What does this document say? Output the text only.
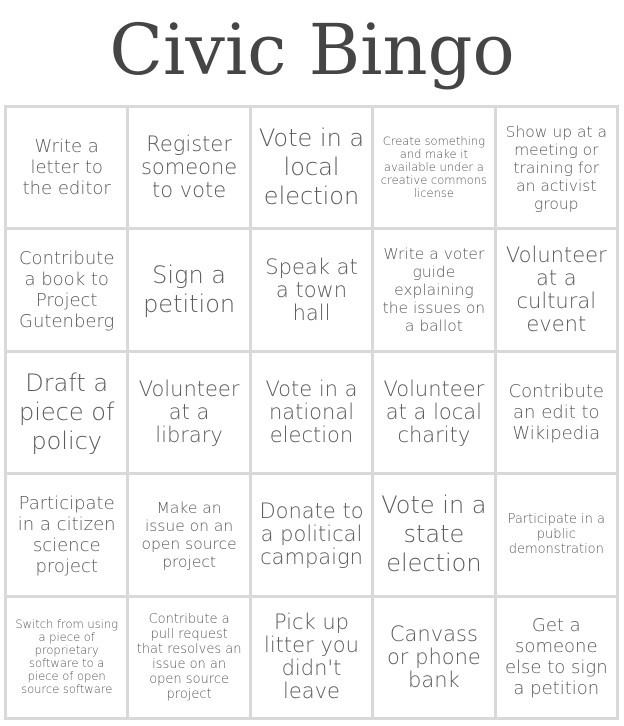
Civic Bingo
Write a letter to the editor
Register someone to vote
Vote in a local election
Create something and make it available under a creative commons license
Show up at a meeting or training for an activist group
Contribute a book to Project Gutenberg
Sign a petition
Speak at a town hall
Write a voter guide explaining the issues on a ballot
Volunteer at a cultural event
Draft a piece of policy
Volunteer at a library
Vote in a national election
Volunteer at a local charity
Contribute an edit to Wikipedia
Participate in a citizen science project
Make an issue on an open source project
Donate to a political campaign
Vote in a state election
Participate in a public demonstration
Switch from using a piece of proprietary software to a piece of open source software
Contribute a pull request that resolves an issue on an open source project
Pick up litter you didn't leave
Canvass or phone bank
Get a someone else to sign a petition
